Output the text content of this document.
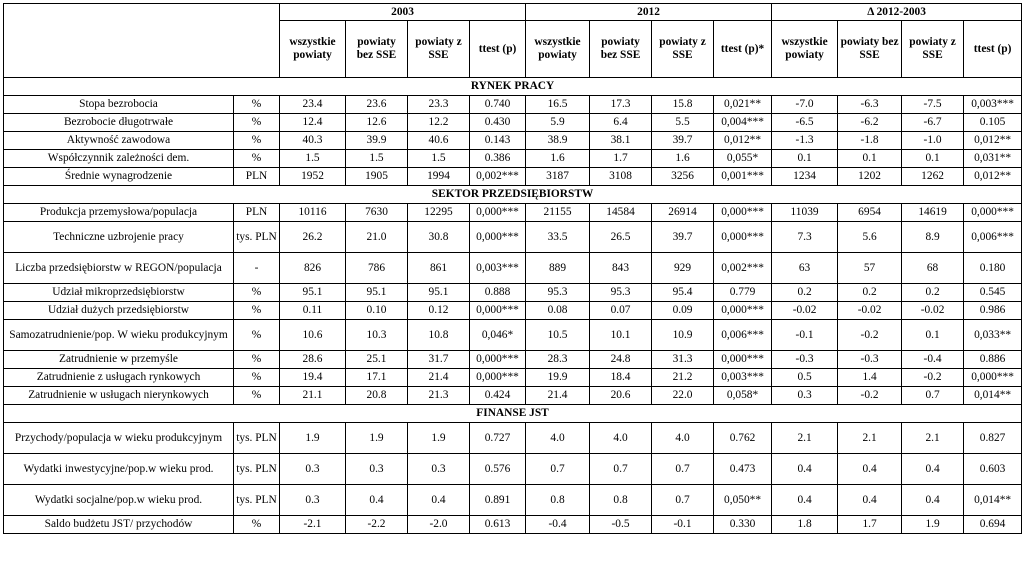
		2003				2012				Δ 2012-2003			
		wszystkie powiaty	powiaty bez SSE	powiaty z SSE	ttest (p)	wszystkie powiaty	powiaty bez SSE	powiaty z SSE	ttest (p)*	wszystkie powiaty	powiaty bez SSE	powiaty z SSE	ttest (p)
RYNEK PRACY													
Stopa bezrobocia	%	23.4	23.6	23.3	0.740	16.5	17.3	15.8	0,021**	-7.0	-6.3	-7.5	0,003***
Bezrobocie długotrwałe	%	12.4	12.6	12.2	0.430	5.9	6.4	5.5	0,004***	-6.5	-6.2	-6.7	0.105
Aktywność zawodowa	%	40.3	39.9	40.6	0.143	38.9	38.1	39.7	0,012**	-1.3	-1.8	-1.0	0,012**
Współczynnik zależności dem.	%	1.5	1.5	1.5	0.386	1.6	1.7	1.6	0,055*	0.1	0.1	0.1	0,031**
Średnie wynagrodzenie	PLN	1952	1905	1994	0,002***	3187	3108	3256	0,001***	1234	1202	1262	0,012**
SEKTOR PRZEDSIĘBIORSTW													
Produkcja przemysłowa/populacja	PLN	10116	7630	12295	0,000***	21155	14584	26914	0,000***	11039	6954	14619	0,000***
Techniczne uzbrojenie pracy	tys. PLN	26.2	21.0	30.8	0,000***	33.5	26.5	39.7	0,000***	7.3	5.6	8.9	0,006***
Liczba przedsiębiorstw w REGON/populacja	-	826	786	861	0,003***	889	843	929	0,002***	63	57	68	0.180
Udział mikroprzedsiębiorstw	%	95.1	95.1	95.1	0.888	95.3	95.3	95.4	0.779	0.2	0.2	0.2	0.545
Udział dużych przedsiębiorstw	%	0.11	0.10	0.12	0,000***	0.08	0.07	0.09	0,000***	-0.02	-0.02	-0.02	0.986
Samozatrudnienie/pop. W wieku produkcyjnym	%	10.6	10.3	10.8	0,046*	10.5	10.1	10.9	0,006***	-0.1	-0.2	0.1	0,033**
Zatrudnienie w przemyśle	%	28.6	25.1	31.7	0,000***	28.3	24.8	31.3	0,000***	-0.3	-0.3	-0.4	0.886
Zatrudnienie z usługach rynkowych	%	19.4	17.1	21.4	0,000***	19.9	18.4	21.2	0,003***	0.5	1.4	-0.2	0,000***
Zatrudnienie w usługach nierynkowych	%	21.1	20.8	21.3	0.424	21.4	20.6	22.0	0,058*	0.3	-0.2	0.7	0,014**
FINANSE JST													
Przychody/populacja w wieku produkcyjnym	tys. PLN	1.9	1.9	1.9	0.727	4.0	4.0	4.0	0.762	2.1	2.1	2.1	0.827
Wydatki inwestycyjne/pop.w wieku prod.	tys. PLN	0.3	0.3	0.3	0.576	0.7	0.7	0.7	0.473	0.4	0.4	0.4	0.603
Wydatki socjalne/pop.w wieku prod.	tys. PLN	0.3	0.4	0.4	0.891	0.8	0.8	0.7	0,050**	0.4	0.4	0.4	0,014**
Saldo budżetu JST/ przychodów	%	-2.1	-2.2	-2.0	0.613	-0.4	-0.5	-0.1	0.330	1.8	1.7	1.9	0.694
